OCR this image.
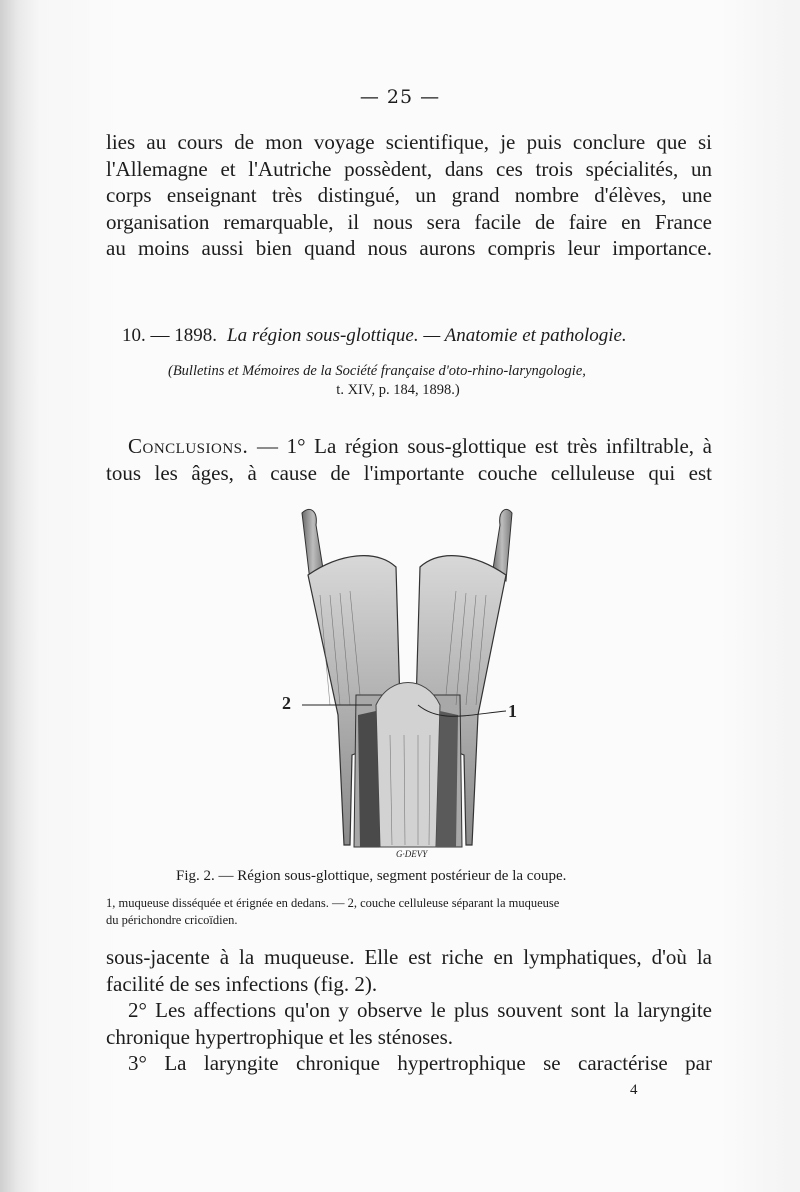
— 25 —
lies au cours de mon voyage scientifique, je puis conclure que si
l'Allemagne et l'Autriche possèdent, dans ces trois spécialités, un
corps enseignant très distingué, un grand nombre d'élèves, une
organisation remarquable, il nous sera facile de faire en France
au moins aussi bien quand nous aurons compris leur importance.
10. — 1898. La région sous-glottique. — Anatomie et pathologie.
(Bulletins et Mémoires de la Société française d'oto-rhino-laryngologie,
t. XIV, p. 184, 1898.)
Conclusions. — 1° La région sous-glottique est très infiltrable, à
tous les âges, à cause de l'importante couche celluleuse qui est
2	1
G·DEVY
Fig. 2. — Région sous-glottique, segment postérieur de la coupe.
1, muqueuse disséquée et érignée en dedans. — 2, couche celluleuse séparant la muqueuse
du périchondre cricoïdien.
sous-jacente à la muqueuse. Elle est riche en lymphatiques, d'où la
facilité de ses infections (fig. 2).
2° Les affections qu'on y observe le plus souvent sont la laryngite
chronique hypertrophique et les sténoses.
3° La laryngite chronique hypertrophique se caractérise par
4
